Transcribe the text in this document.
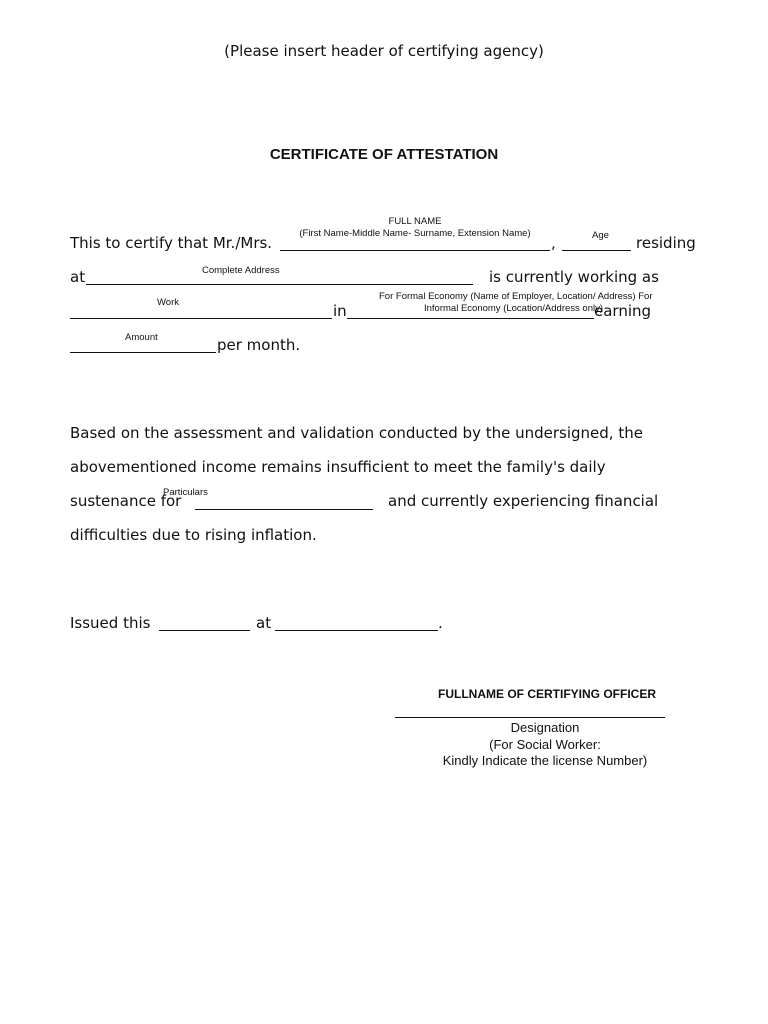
(Please insert header of certifying agency)
CERTIFICATE OF ATTESTATION
FULL NAME
(First Name-Middle Name- Surname, Extension Name)	Age
This to certify that Mr./Mrs.	,	residing
Complete Address
at	is currently working as
Work
For Formal Economy (Name of Employer, Location/ Address) For
Informal Economy (Location/Address only)
in	earning
Amount	per month.
Based on the assessment and validation conducted by the undersigned, the
abovementioned income remains insufficient to meet the family's daily
Particulars
sustenance for	and currently experiencing financial
difficulties due to rising inflation.
Issued this	at	.
FULLNAME OF CERTIFYING OFFICER
Designation
(For Social Worker:
Kindly Indicate the license Number)
